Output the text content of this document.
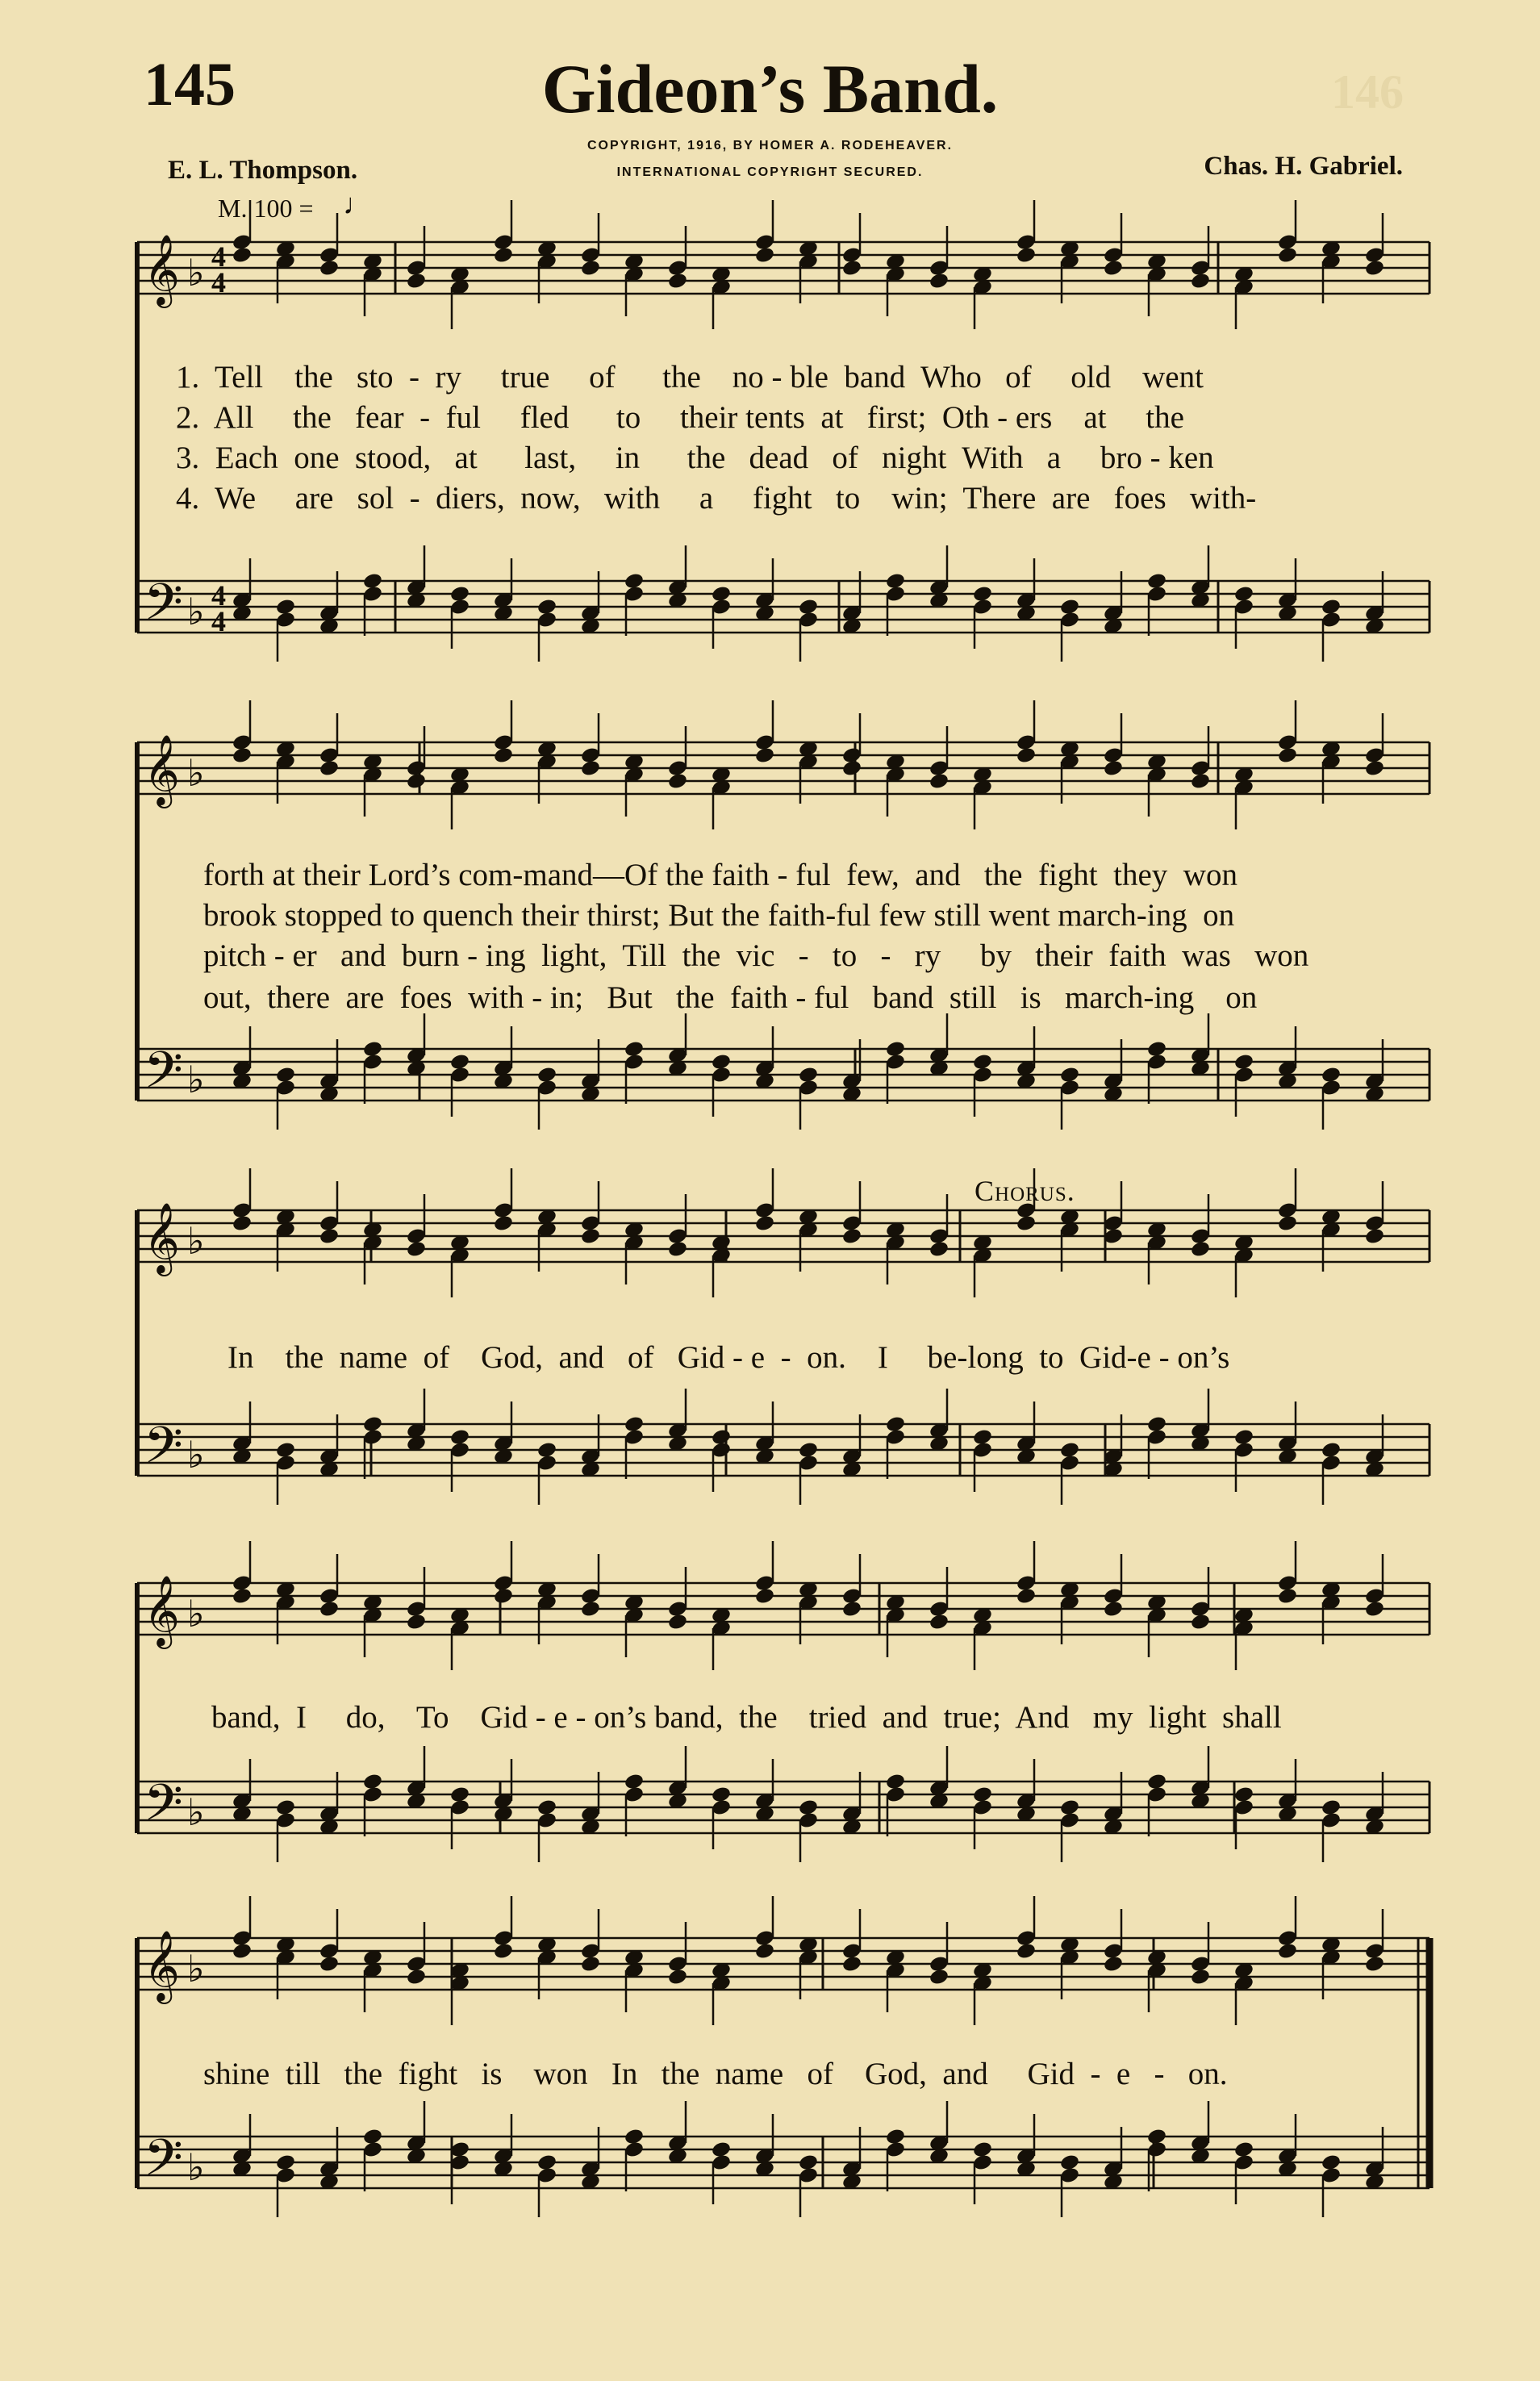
146
145	Gideon’s Band.
E. L. Thompson.	Chas. H. Gabriel.
COPYRIGHT, 1916, BY HOMER A. RODEHEAVER.
INTERNATIONAL COPYRIGHT SECURED.
M. 100 = ♩
𝄞 ♭
𝄢 ♭
𝄞 ♭
𝄢 ♭
𝄞 ♭
𝄢 ♭
𝄞 ♭
𝄢 ♭
𝄞 ♭
𝄢 ♭
4
4
4
4
1.  Tell    the   sto  -  ry     true     of      the    no - ble  band  Who   of     old    went
2.  All     the   fear  -  ful     fled      to     their tents  at   first;  Oth - ers    at     the
3.  Each  one  stood,   at      last,     in      the   dead   of   night  With   a     bro - ken
4.  We     are   sol  -  diers,  now,   with     a     fight   to    win;  There  are   foes   with-
forth at their Lord’s com-mand—Of the faith - ful  few,  and   the  fight  they  won
brook stopped to quench their thirst; But the faith-ful few still went march-ing  on
pitch - er   and  burn - ing  light,  Till  the  vic   -   to   -   ry     by   their  faith  was   won
out,  there  are  foes  with - in;   But   the  faith - ful   band  still   is   march-ing    on
Chorus.
In    the  name  of    God,  and   of   Gid - e  -  on.    I     be-long  to  Gid-e - on’s
band,  I     do,    To    Gid - e - on’s band,  the    tried  and  true;  And   my  light  shall
shine  till   the  fight   is    won   In   the  name   of    God,  and     Gid  -  e   -   on.
